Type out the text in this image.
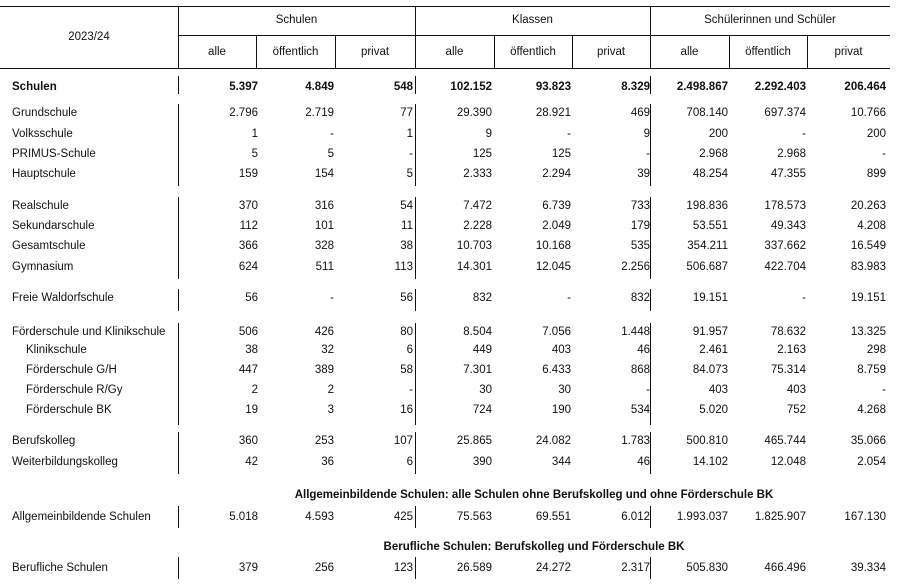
2023/24
Schulen	Klassen	Schülerinnen und Schüler
alle	öffentlich	privat	alle	öffentlich	privat	alle	öffentlich	privat
Allgemeinbildende Schulen: alle Schulen ohne Berufskolleg und ohne Förderschule BK
Berufliche Schulen: Berufskolleg und Förderschule BK
Schulen	5.397	4.849	548	102.152	93.823	8.329	2.498.867	2.292.403	206.464
Grundschule	2.796	2.719	77	29.390	28.921	469	708.140	697.374	10.766
Volksschule	1	-	1	9	-	9	200	-	200
PRIMUS-Schule	5	5	-	125	125	-	2.968	2.968	-
Hauptschule	159	154	5	2.333	2.294	39	48.254	47.355	899
Realschule	370	316	54	7.472	6.739	733	198.836	178.573	20.263
Sekundarschule	112	101	11	2.228	2.049	179	53.551	49.343	4.208
Gesamtschule	366	328	38	10.703	10.168	535	354.211	337.662	16.549
Gymnasium	624	511	113	14.301	12.045	2.256	506.687	422.704	83.983
Freie Waldorfschule	56	-	56	832	-	832	19.151	-	19.151
Förderschule und Klinikschule	506	426	80	8.504	7.056	1.448	91.957	78.632	13.325
Klinikschule	38	32	6	449	403	46	2.461	2.163	298
Förderschule G/H	447	389	58	7.301	6.433	868	84.073	75.314	8.759
Förderschule R/Gy	2	2	-	30	30	-	403	403	-
Förderschule BK	19	3	16	724	190	534	5.020	752	4.268
Berufskolleg	360	253	107	25.865	24.082	1.783	500.810	465.744	35.066
Weiterbildungskolleg	42	36	6	390	344	46	14.102	12.048	2.054
Allgemeinbildende Schulen	5.018	4.593	425	75.563	69.551	6.012	1.993.037	1.825.907	167.130
Berufliche Schulen	379	256	123	26.589	24.272	2.317	505.830	466.496	39.334
